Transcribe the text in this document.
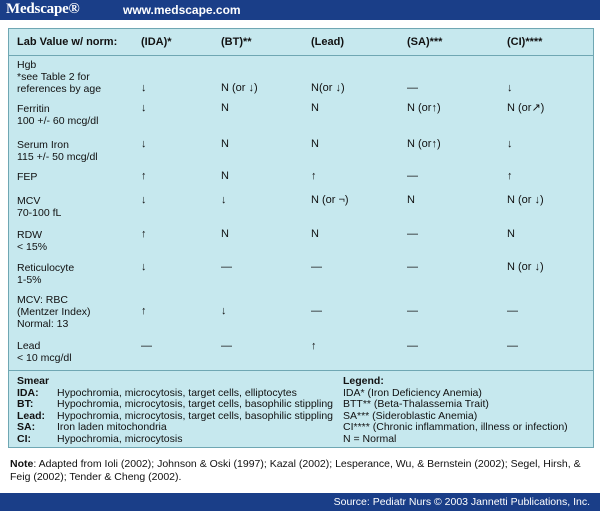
Medscape®	www.medscape.com
Lab Value w/ norm: (IDA)*	(BT)**	(Lead)	(SA)***	(CI)****
Hgb
*see Table 2 for
references by age	↓	N (or ↓)	N(or ↓)	—	↓
Ferritin
100 +/- 60 mcg/dl
↓	N	N	N (or↑)	N (or↗)
Serum Iron
115 +/- 50 mcg/dl
↓	N	N	N (or↑)	↓
FEP	↑	N	↑	—	↑
MCV
70-100 fL
↓	↓	N (or ¬)	N	N (or ↓)
RDW
< 15%
↑	N	N	—	N
Reticulocyte
1-5%
↓	—	—	—	N (or ↓)
MCV: RBC
(Mentzer Index)
Normal: 13
↑	↓	—	—	—
Lead
< 10 mcg/dl
—	—	↑	—	—
Smear
IDA: Hypochromia, microcytosis, target cells, elliptocytes
BT: Hypochromia, microcytosis, target cells, basophilic stippling
Lead: Hypochromia, microcytosis, target cells, basophilic stippling
SA: Iron laden mitochondria
CI: Hypochromia, microcytosis
Legend:
IDA* (Iron Deficiency Anemia)
BTT** (Beta-Thalassemia Trait)
SA*** (Sideroblastic Anemia)
CI**** (Chronic inflammation, illness or infection)
N = Normal
Note: Adapted from Ioli (2002); Johnson & Oski (1997); Kazal (2002); Lesperance, Wu, & Bernstein (2002); Segel, Hirsh, & Feig (2002); Tender & Cheng (2002).
Source: Pediatr Nurs © 2003 Jannetti Publications, Inc.
